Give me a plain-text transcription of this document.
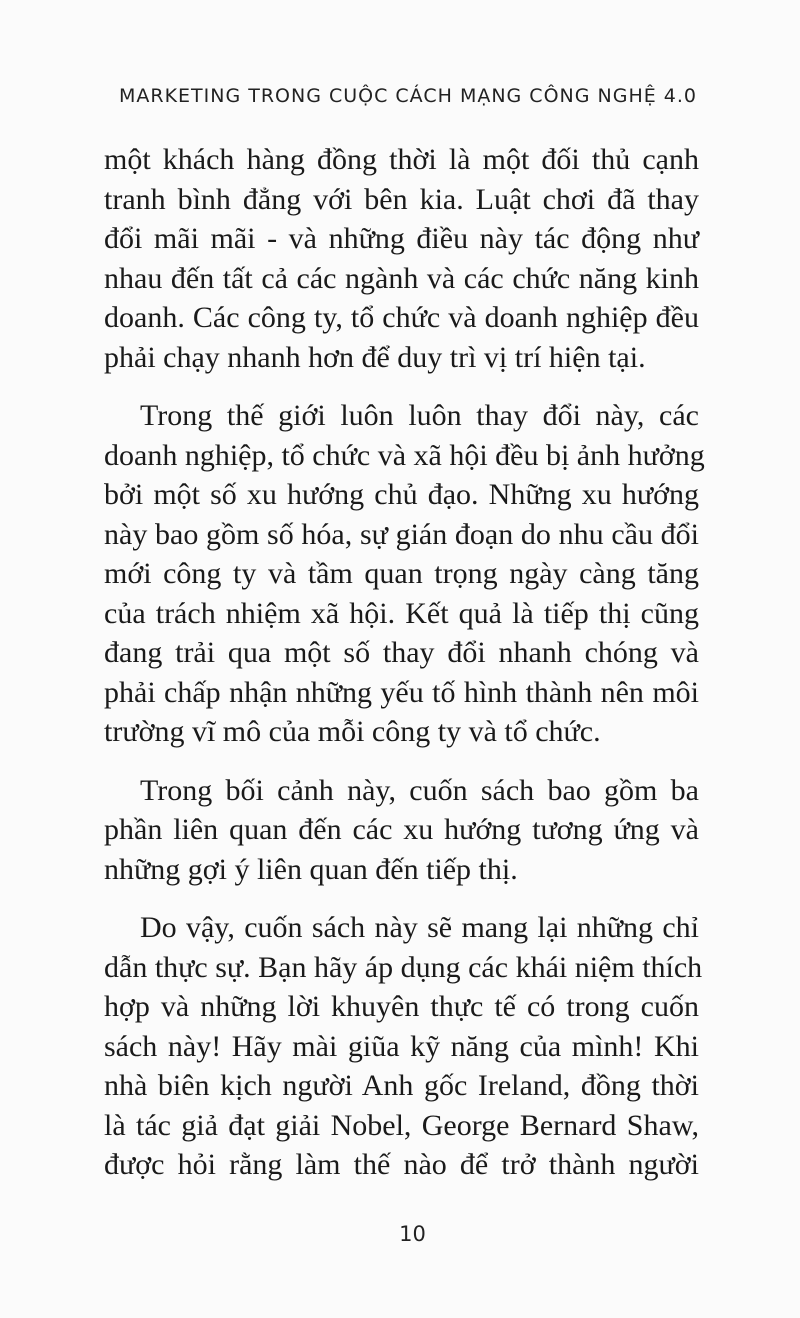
MARKETING TRONG CUỘC CÁCH MẠNG CÔNG NGHỆ 4.0

một khách hàng đồng thời là một đối thủ cạnh
tranh bình đẳng với bên kia. Luật chơi đã thay
đổi mãi mãi - và những điều này tác động như
nhau đến tất cả các ngành và các chức năng kinh
doanh. Các công ty, tổ chức và doanh nghiệp đều
phải chạy nhanh hơn để duy trì vị trí hiện tại.

Trong thế giới luôn luôn thay đổi này, các
doanh nghiệp, tổ chức và xã hội đều bị ảnh hưởng
bởi một số xu hướng chủ đạo. Những xu hướng
này bao gồm số hóa, sự gián đoạn do nhu cầu đổi
mới công ty và tầm quan trọng ngày càng tăng
của trách nhiệm xã hội. Kết quả là tiếp thị cũng
đang trải qua một số thay đổi nhanh chóng và
phải chấp nhận những yếu tố hình thành nên môi
trường vĩ mô của mỗi công ty và tổ chức.

Trong bối cảnh này, cuốn sách bao gồm ba
phần liên quan đến các xu hướng tương ứng và
những gợi ý liên quan đến tiếp thị.

Do vậy, cuốn sách này sẽ mang lại những chỉ
dẫn thực sự. Bạn hãy áp dụng các khái niệm thích
hợp và những lời khuyên thực tế có trong cuốn
sách này! Hãy mài giũa kỹ năng của mình! Khi
nhà biên kịch người Anh gốc Ireland, đồng thời
là tác giả đạt giải Nobel, George Bernard Shaw,
được hỏi rằng làm thế nào để trở thành người

10
